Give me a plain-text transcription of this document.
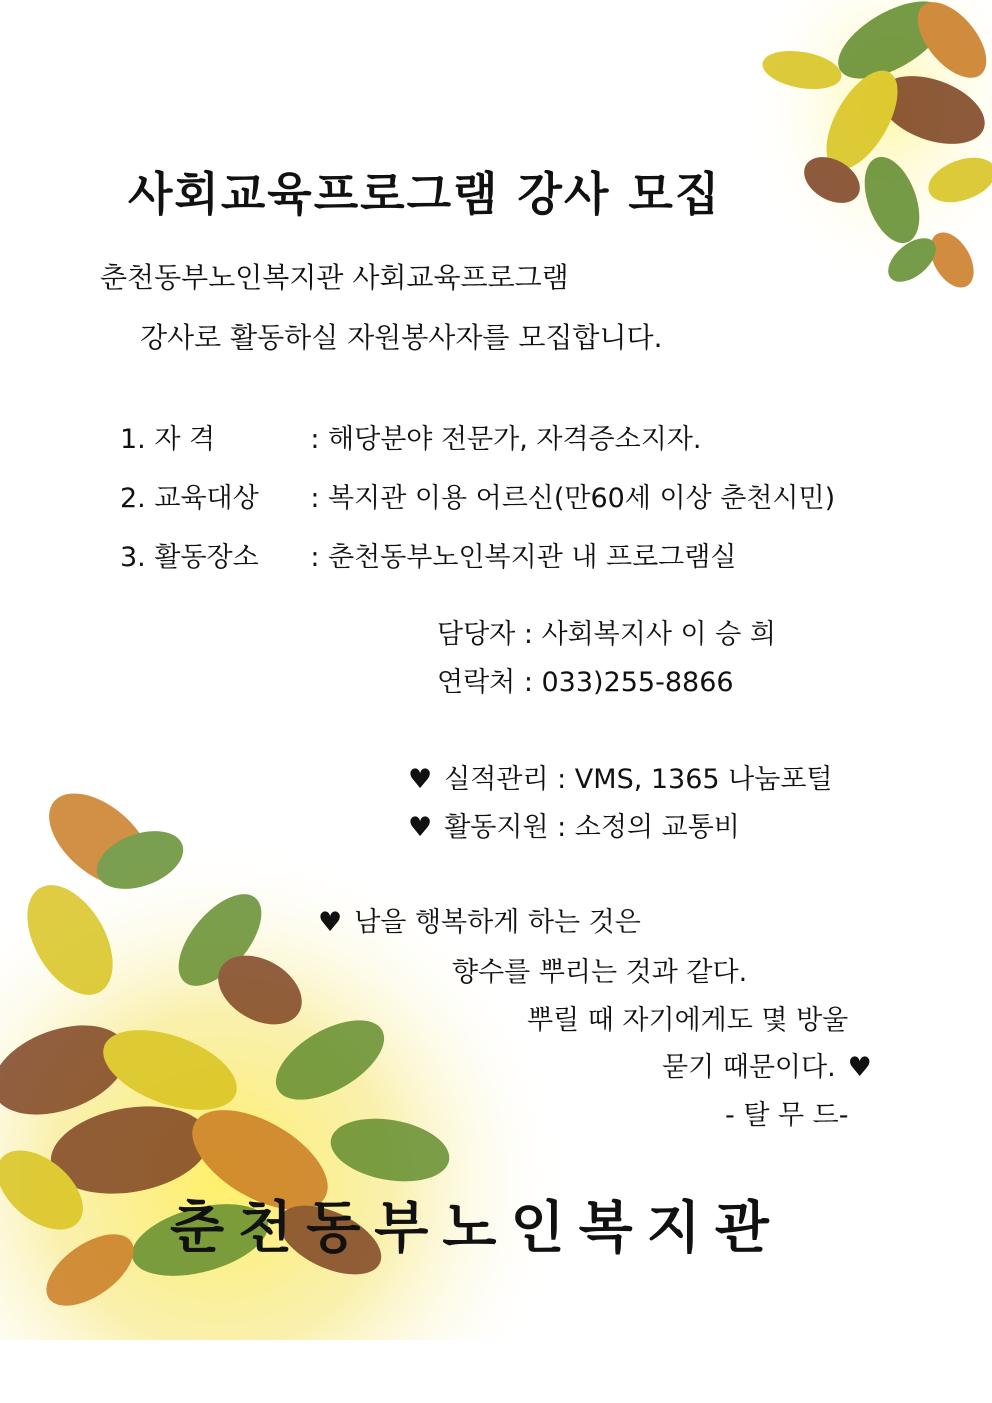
사회교육프로그램 강사 모집
춘천동부노인복지관 사회교육프로그램
강사로 활동하실 자원봉사자를 모집합니다.
1. 자 격	: 해당분야 전문가, 자격증소지자.
2. 교육대상 : 복지관 이용 어르신(만60세 이상 춘천시민)
3. 활동장소 : 춘천동부노인복지관 내 프로그램실
담당자 : 사회복지사 이 승 희
연락처 : 033)255-8866
♥ 실적관리 : VMS, 1365 나눔포털
♥ 활동지원 : 소정의 교통비
♥ 남을 행복하게 하는 것은
향수를 뿌리는 것과 같다.
뿌릴 때 자기에게도 몇 방울
묻기 때문이다. ♥
- 탈 무 드-
춘천동부노인복지관
